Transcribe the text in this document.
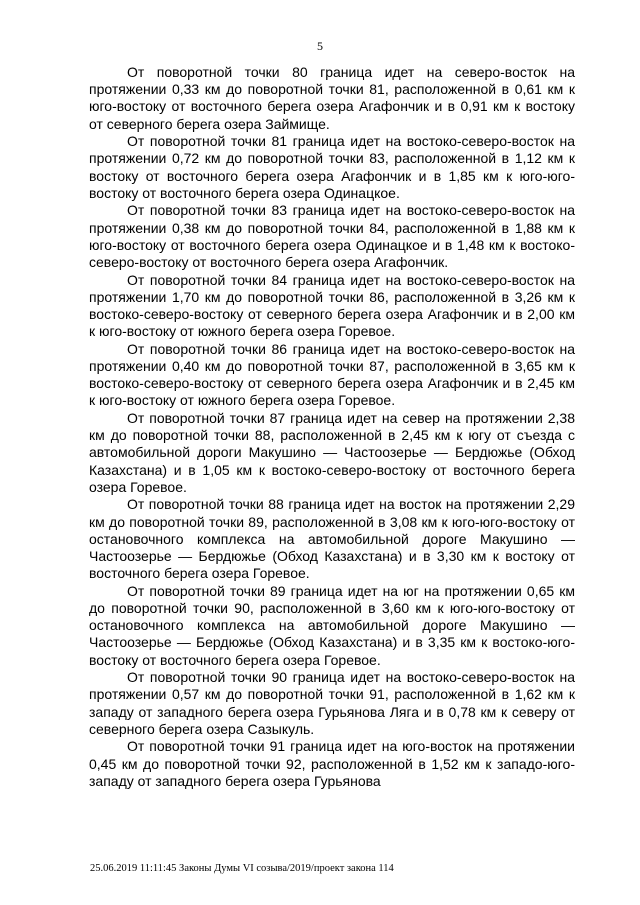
5

От поворотной точки 80 граница идет на северо-восток на протяжении 0,33 км до поворотной точки 81, расположенной в 0,61 км к юго-востоку от восточного берега озера Агафончик и в 0,91 км к востоку от северного берега озера Займище.

От поворотной точки 81 граница идет на востоко-северо-восток на протяжении 0,72 км до поворотной точки 83, расположенной в 1,12 км к востоку от восточного берега озера Агафончик и в 1,85 км к юго-юго-востоку от восточного берега озера Одинацкое.

От поворотной точки 83 граница идет на востоко-северо-восток на протяжении 0,38 км до поворотной точки 84, расположенной в 1,88 км к юго-востоку от восточного берега озера Одинацкое и в 1,48 км к востоко-северо-востоку от восточного берега озера Агафончик.

От поворотной точки 84 граница идет на востоко-северо-восток на протяжении 1,70 км до поворотной точки 86, расположенной в 3,26 км к востоко-северо-востоку от северного берега озера Агафончик и в 2,00 км к юго-востоку от южного берега озера Горевое.

От поворотной точки 86 граница идет на востоко-северо-восток на протяжении 0,40 км до поворотной точки 87, расположенной в 3,65 км к востоко-северо-востоку от северного берега озера Агафончик и в 2,45 км к юго-востоку от южного берега озера Горевое.

От поворотной точки 87 граница идет на север на протяжении 2,38 км до поворотной точки 88, расположенной в 2,45 км к югу от съезда с автомобильной дороги Макушино — Частоозерье — Бердюжье (Обход Казахстана) и в 1,05 км к востоко-северо-востоку от восточного берега озера Горевое.

От поворотной точки 88 граница идет на восток на протяжении 2,29 км до поворотной точки 89, расположенной в 3,08 км к юго-юго-востоку от остановочного комплекса на автомобильной дороге Макушино — Частоозерье — Бердюжье (Обход Казахстана) и в 3,30 км к востоку от восточного берега озера Горевое.

От поворотной точки 89 граница идет на юг на протяжении 0,65 км до поворотной точки 90, расположенной в 3,60 км к юго-юго-востоку от остановочного комплекса на автомобильной дороге Макушино — Частоозерье — Бердюжье (Обход Казахстана) и в 3,35 км к востоко-юго-востоку от восточного берега озера Горевое.

От поворотной точки 90 граница идет на востоко-северо-восток на протяжении 0,57 км до поворотной точки 91, расположенной в 1,62 км к западу от западного берега озера Гурьянова Ляга и в 0,78 км к северу от северного берега озера Сазыкуль.

От поворотной точки 91 граница идет на юго-восток на протяжении 0,45 км до поворотной точки 92, расположенной в 1,52 км к западо-юго-западу от западного берега озера Гурьянова

25.06.2019 11:11:45 Законы Думы VI созыва/2019/проект закона 114
